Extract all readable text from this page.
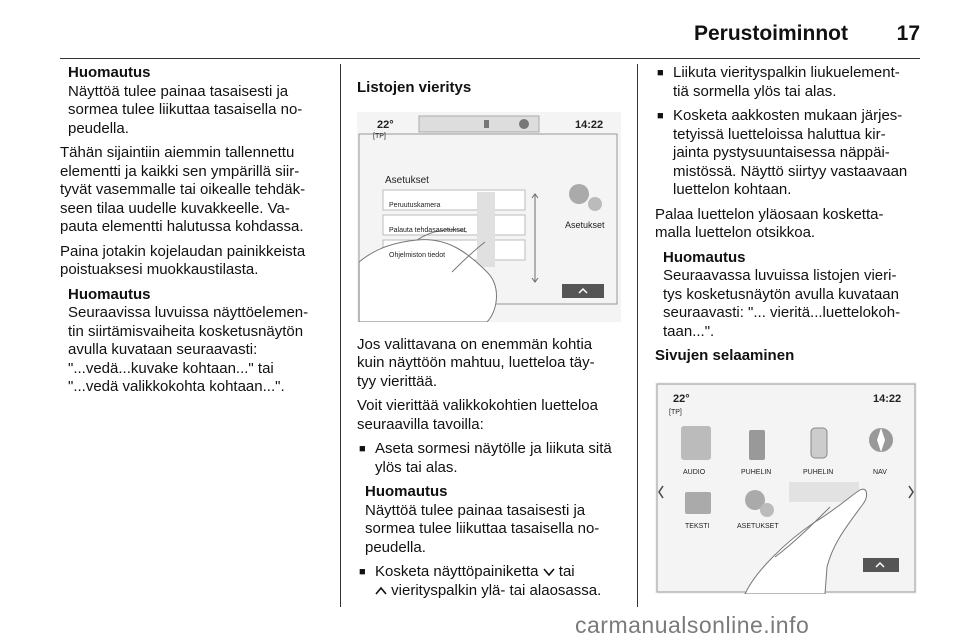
Perustoiminnot 17
Huomautus
Näyttöä tulee painaa tasaisesti ja
sormea tulee liikuttaa tasaisella no-
peudella.

Tähän sijaintiin aiemmin tallennettu
elementti ja kaikki sen ympärillä siir-
tyvät vasemmalle tai oikealle tehdäk-
seen tilaa uudelle kuvakkeelle. Va-
pauta elementti halutussa kohdassa.

Paina jotakin kojelaudan painikkeista
poistuaksesi muokkaustilasta.

Huomautus
Seuraavissa luvuissa näyttöelemen-
tin siirtämisvaiheita kosketusnäytön
avulla kuvataan seuraavasti:
"...vedä...kuvake kohtaan..." tai
"...vedä valikkokohta kohtaan...".
Listojen vieritys
22°
[TP]
14:22
Asetukset
Peruutuskamera
Palauta tehdasasetukset
Ohjelmiston tiedot
Asetukset

Jos valittavana on enemmän kohtia
kuin näyttöön mahtuu, luetteloa täy-
tyy vierittää.

Voit vierittää valikkokohtien luetteloa
seuraavilla tavoilla:

■ Aseta sormesi näytölle ja liikuta sitä
ylös tai alas.
Huomautus
Näyttöä tulee painaa tasaisesti ja
sormea tulee liikuttaa tasaisella no-
peudella.
■ Kosketa näyttöpainiketta tai
vierityspalkin ylä- tai alaosassa.
■ Liikuta vierityspalkin liukuelement-
tiä sormella ylös tai alas.
■ Kosketa aakkosten mukaan järjes-
tetyissä luetteloissa haluttua kir-
jainta pystysuuntaisessa näppäi-
mistössä. Näyttö siirtyy vastaavaan
luettelon kohtaan.

Palaa luettelon yläosaan kosketta-
malla luettelon otsikkoa.

Huomautus
Seuraavassa luvuissa listojen vieri-
tys kosketusnäytön avulla kuvataan
seuraavasti: "... vieritä...luettelokoh-
taan...".
Sivujen selaaminen
22°
[TP]
14:22
AUDIO	PUHELIN	PUHELIN	NAV
TEKSTI	ASETUKSET
carmanualsonline.info
